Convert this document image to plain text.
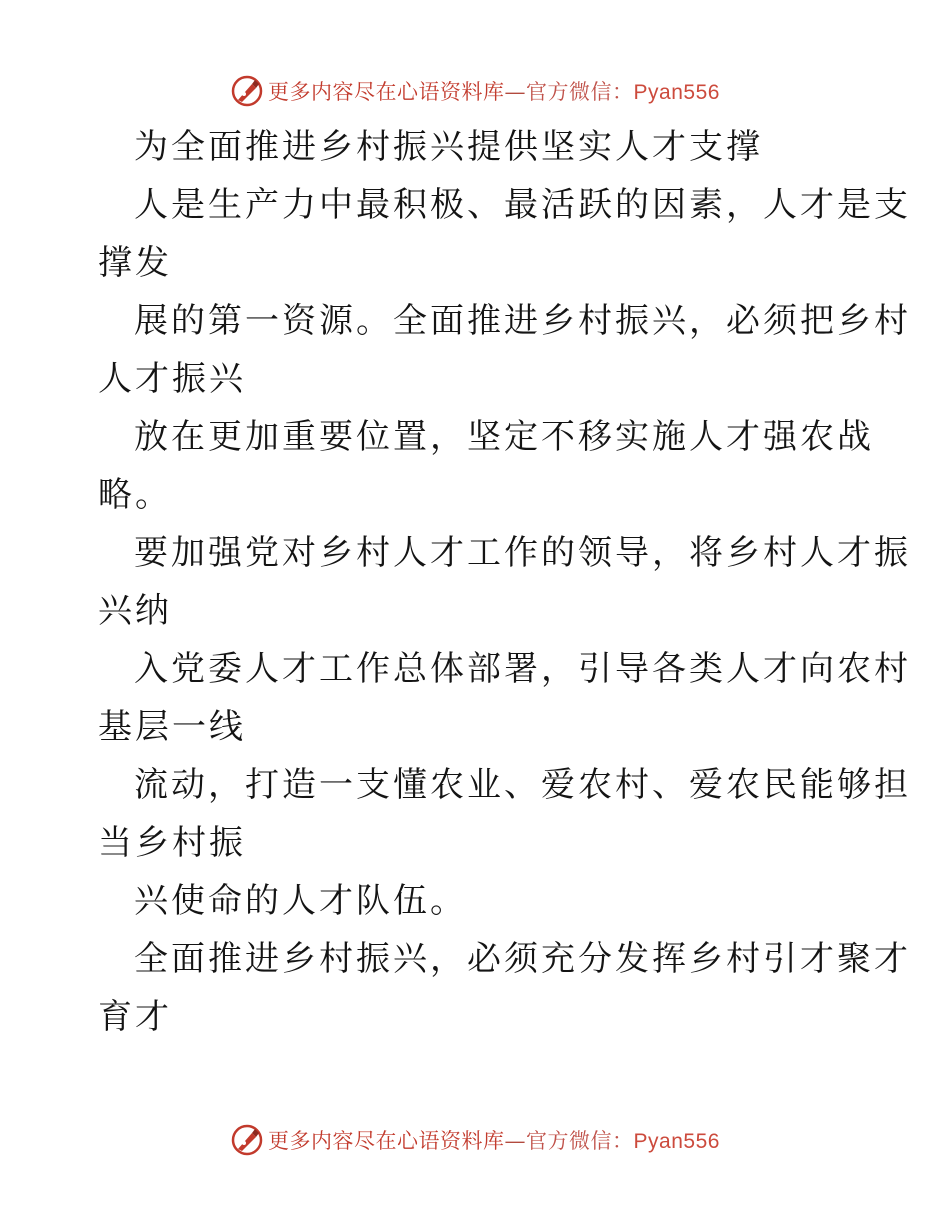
更多内容尽在心语资料库—官方微信：Pyan556
为全面推进乡村振兴提供坚实人才支撑
人是生产力中最积极、最活跃的因素，人才是支
撑发
展的第一资源。全面推进乡村振兴，必须把乡村
人才振兴
放在更加重要位置，坚定不移实施人才强农战
略。
要加强党对乡村人才工作的领导，将乡村人才振
兴纳
入党委人才工作总体部署，引导各类人才向农村
基层一线
流动，打造一支懂农业、爱农村、爱农民能够担
当乡村振
兴使命的人才队伍。
全面推进乡村振兴，必须充分发挥乡村引才聚才
育才
更多内容尽在心语资料库—官方微信：Pyan556
